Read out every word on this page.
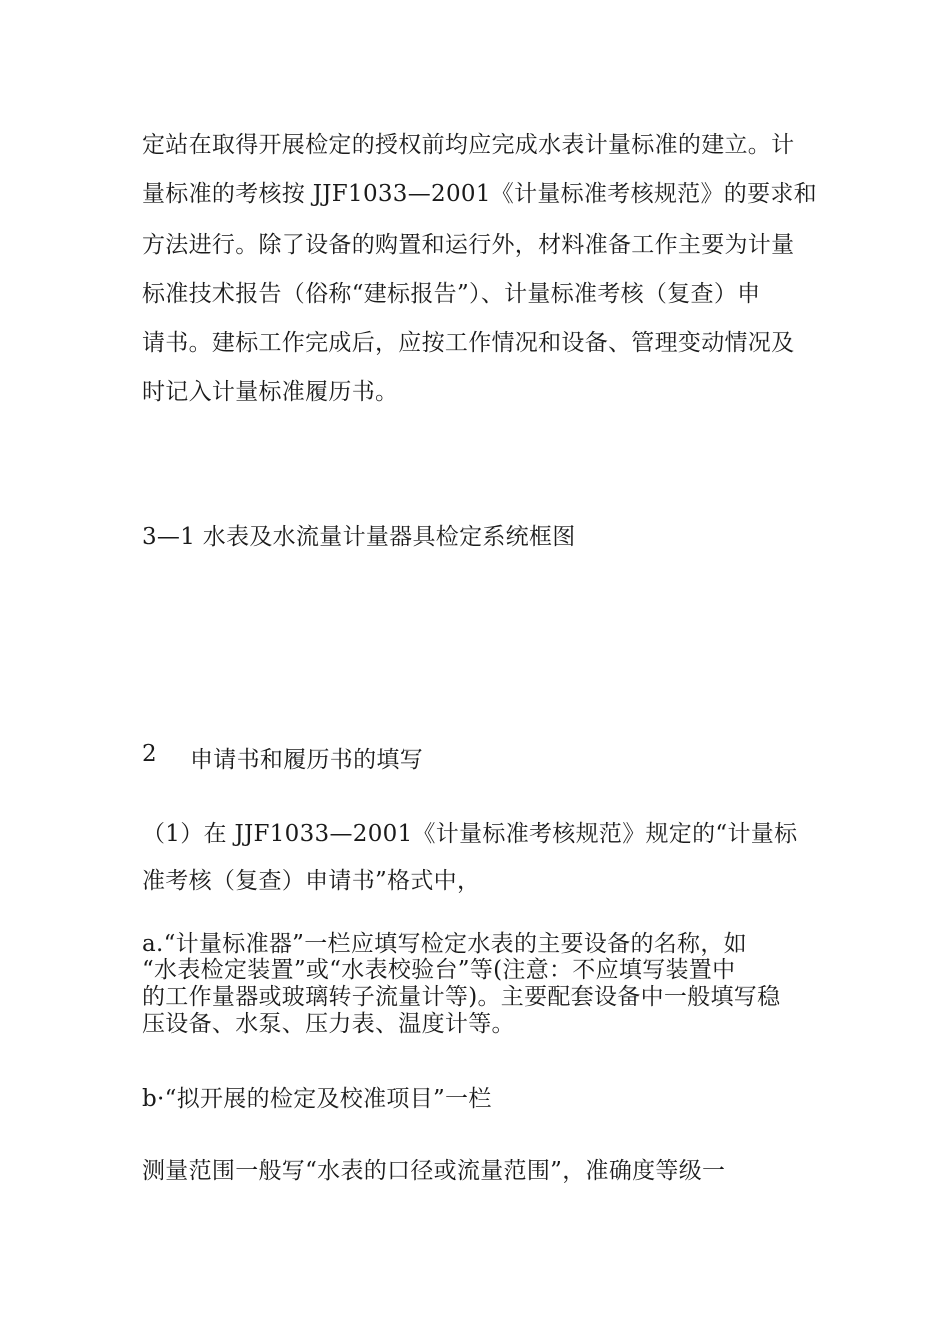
定站在取得开展检定的授权前均应完成水表计量标准的建立。计
量标准的考核按 JJF1033—2001《计量标准考核规范》的要求和
方法进行。除了设备的购置和运行外，材料准备工作主要为计量
标准技术报告（俗称“建标报告”）、计量标准考核（复查）申
请书。建标工作完成后，应按工作情况和设备、管理变动情况及
时记入计量标准履历书。
3—1 水表及水流量计量器具检定系统框图
2 申请书和履历书的填写
（1）在 JJF1033—2001《计量标准考核规范》规定的“计量标
准考核（复查）申请书”格式中，
a.“计量标准器”一栏应填写检定水表的主要设备的名称，如
“水表检定装置”或“水表校验台”等(注意：不应填写装置中
的工作量器或玻璃转子流量计等)。主要配套设备中一般填写稳
压设备、水泵、压力表、温度计等。
b·“拟开展的检定及校准项目”一栏
测量范围一般写“水表的口径或流量范围”，准确度等级一
